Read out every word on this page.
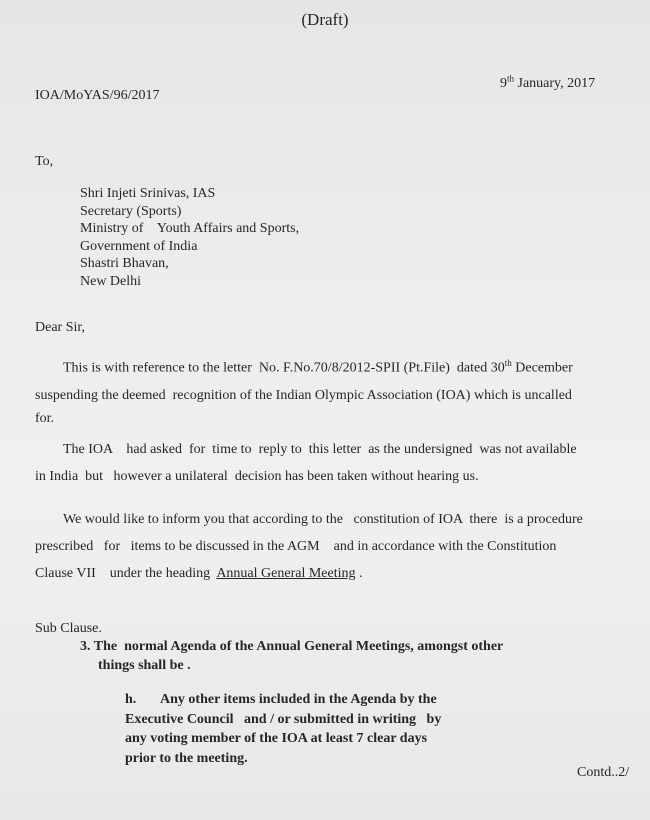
(Draft)
IOA/MoYAS/96/2017
9th January, 2017
To,
Shri Injeti Srinivas, IAS
Secretary (Sports)
Ministry of    Youth Affairs and Sports,
Government of India
Shastri Bhavan,
New Delhi
Dear Sir,
This is with reference to the letter  No. F.No.70/8/2012-SPII (Pt.File)  dated 30th December
suspending the deemed  recognition of the Indian Olympic Association (IOA) which is uncalled
for.
The IOA    had asked  for  time to  reply to  this letter  as the undersigned  was not available
in India  but   however a unilateral  decision has been taken without hearing us.
We would like to inform you that according to the   constitution of IOA  there  is a procedure
prescribed   for   items to be discussed in the AGM    and in accordance with the Constitution
Clause VII    under the heading  Annual General Meeting .
Sub Clause.
3. The  normal Agenda of the Annual General Meetings, amongst other
things shall be .
h.       Any other items included in the Agenda by the
Executive Council   and / or submitted in writing   by
any voting member of the IOA at least 7 clear days
prior to the meeting.
Contd..2/
